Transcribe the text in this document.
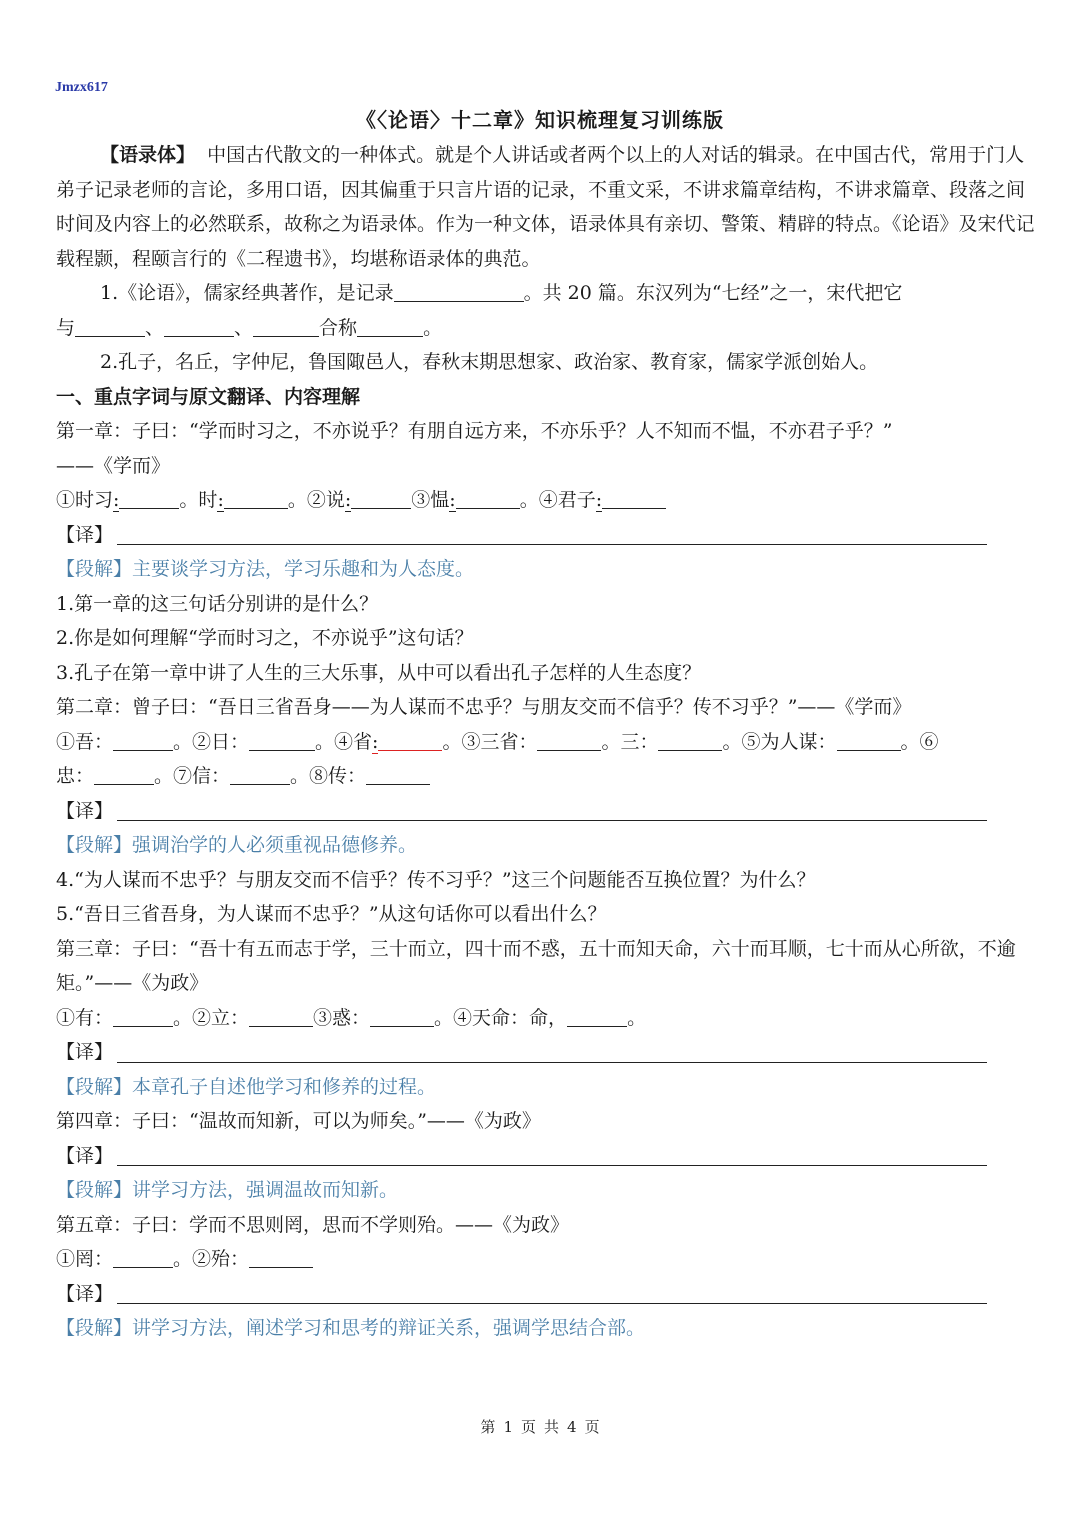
Jmzx617
《〈论语〉十二章》知识梳理复习训练版

【语录体】 中国古代散文的一种体式。就是个人讲话或者两个以上的人对话的辑录。在中国古代，常用于门人弟子记录老师的言论，多用口语，因其偏重于只言片语的记录，不重文采，不讲求篇章结构，不讲求篇章、段落之间时间及内容上的必然联系，故称之为语录体。作为一种文体，语录体具有亲切、警策、精辟的特点。《论语》及宋代记载程颢，程颐言行的《二程遗书》，均堪称语录体的典范。

1.《论语》，儒家经典著作，是记录	。共 20 篇。东汉列为“七经”之一，宋代把它

与	、	、	合称	。

2.孔子，名丘，字仲尼，鲁国陬邑人，春秋末期思想家、政治家、教育家，儒家学派创始人。

一、重点字词与原文翻译、内容理解

第一章：子曰：“学而时习之，不亦说乎？有朋自远方来，不亦乐乎？人不知而不愠，不亦君子乎？”

——《学而》

①时习:	。时:	。②说:	③愠:	。④君子:

【译】

【段解】主要谈学习方法，学习乐趣和为人态度。

1.第一章的这三句话分别讲的是什么？

2.你是如何理解“学而时习之，不亦说乎”这句话？

3.孔子在第一章中讲了人生的三大乐事，从中可以看出孔子怎样的人生态度？

第二章：曾子曰：“吾日三省吾身——为人谋而不忠乎？与朋友交而不信乎？传不习乎？”——《学而》

①吾：	。②日：	。④省:	。③三省：	。三：	。⑤为人谋：	。⑥

忠：	。⑦信：	。⑧传：

【译】

【段解】强调治学的人必须重视品德修养。

4.“为人谋而不忠乎？与朋友交而不信乎？传不习乎？”这三个问题能否互换位置？为什么？

5.“吾日三省吾身，为人谋而不忠乎？”从这句话你可以看出什么？

第三章：子曰：“吾十有五而志于学，三十而立，四十而不惑，五十而知天命，六十而耳顺，七十而从心所欲，不逾矩。”——《为政》

①有：	。②立：	③惑：	。④天命：命，	。

【译】

【段解】本章孔子自述他学习和修养的过程。

第四章：子曰：“温故而知新，可以为师矣。”——《为政》

【译】

【段解】讲学习方法，强调温故而知新。

第五章：子曰：学而不思则罔，思而不学则殆。——《为政》

①罔：	。②殆：

【译】

【段解】讲学习方法，阐述学习和思考的辩证关系，强调学思结合部。

第 1 页 共 4 页
